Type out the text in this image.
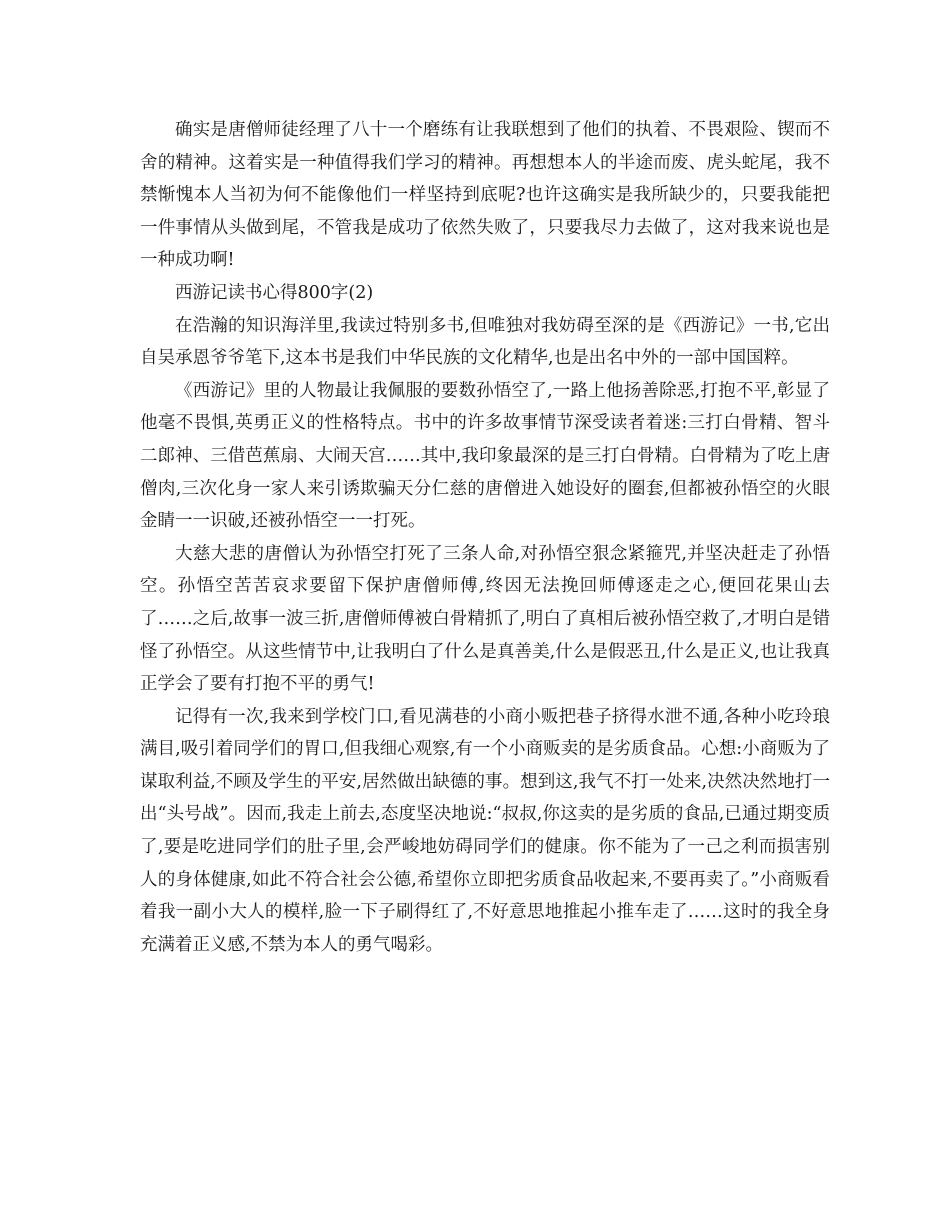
确实是唐僧师徒经理了八十一个磨练有让我联想到了他们的执着、不畏艰险、锲而不舍的精神。这着实是一种值得我们学习的精神。再想想本人的半途而废、虎头蛇尾，我不禁惭愧本人当初为何不能像他们一样坚持到底呢?也许这确实是我所缺少的，只要我能把一件事情从头做到尾，不管我是成功了依然失败了，只要我尽力去做了，这对我来说也是一种成功啊!

西游记读书心得800字(2)

在浩瀚的知识海洋里,我读过特别多书,但唯独对我妨碍至深的是《西游记》一书,它出自吴承恩爷爷笔下,这本书是我们中华民族的文化精华,也是出名中外的一部中国国粹。

《西游记》里的人物最让我佩服的要数孙悟空了,一路上他扬善除恶,打抱不平,彰显了他毫不畏惧,英勇正义的性格特点。书中的许多故事情节深受读者着迷:三打白骨精、智斗二郎神、三借芭蕉扇、大闹天宫……其中,我印象最深的是三打白骨精。白骨精为了吃上唐僧肉,三次化身一家人来引诱欺骗天分仁慈的唐僧进入她设好的圈套,但都被孙悟空的火眼金睛一一识破,还被孙悟空一一打死。

大慈大悲的唐僧认为孙悟空打死了三条人命,对孙悟空狠念紧箍咒,并坚决赶走了孙悟空。孙悟空苦苦哀求要留下保护唐僧师傅,终因无法挽回师傅逐走之心,便回花果山去了……之后,故事一波三折,唐僧师傅被白骨精抓了,明白了真相后被孙悟空救了,才明白是错怪了孙悟空。从这些情节中,让我明白了什么是真善美,什么是假恶丑,什么是正义,也让我真正学会了要有打抱不平的勇气!

记得有一次,我来到学校门口,看见满巷的小商小贩把巷子挤得水泄不通,各种小吃玲琅满目,吸引着同学们的胃口,但我细心观察,有一个小商贩卖的是劣质食品。心想:小商贩为了谋取利益,不顾及学生的平安,居然做出缺德的事。想到这,我气不打一处来,决然决然地打一出“头号战”。因而,我走上前去,态度坚决地说:“叔叔,你这卖的是劣质的食品,已通过期变质了,要是吃进同学们的肚子里,会严峻地妨碍同学们的健康。你不能为了一己之利而损害别人的身体健康,如此不符合社会公德,希望你立即把劣质食品收起来,不要再卖了。”小商贩看着我一副小大人的模样,脸一下子刷得红了,不好意思地推起小推车走了……这时的我全身充满着正义感,不禁为本人的勇气喝彩。
